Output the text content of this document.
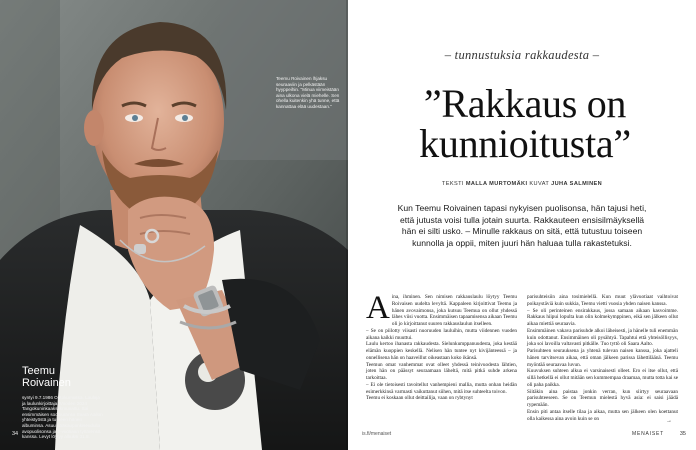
Teemu Roivainen lhjaksu seuraaviin ja pelkästään hyyppeihin. "Minua viimeistään aina ulkona vielä miehelle. Sen ohella kuitenkin yhä tunne, että kannattaa elää uudestaan."
Teemu
Roivainen
syntyi 9.7.1986 Outokumussa. Laulaja ja laulunkirjoittaja. Vuoden 2024 Tangokuninkaaksi kruunattu. Sai ensimmäisen soolouransa Saara Aallon yhteistyöstä ja tuoreen hänen albuminsa. Asuu pääkaupunkiseudulla avopuolisonsa ja 2-vuotiaan tyttärensä kanssa. Levyt löytyy alkuksi 31.8.
34
– tunnustuksia rakkaudesta –
”Rakkaus on
kunnioitusta”
TEKSTI MALLA MURTOMÄKI KUVAT JUHA SALMINEN
Kun Teemu Roivainen tapasi nykyisen puolisonsa, hän tajusi heti, että jutusta voisi tulla jotain suurta. Rakkauteen ensisilmäyksellä hän ei silti usko. – Minulle rakkaus on sitä, että tutustuu toiseen kunnolla ja oppii, miten juuri hän haluaa tulla rakastetuksi.

Aina, ihminen. Sen nimisen rakkauslaulu löytyy Teemu Roivaisen uudelta levyltä. Kappaleen kirjoittivat Teemu ja hänen avovaimonsa, joka kutsuu Teemua on ollut yhdessä lähes viisi vuotta. Ensimmäisen tapaamisensa aikaan Teemu oli jo kirjoittanut suuren rakkauslaulun itselleen.

– Se on piilotty viisasti nuoruuden lauluihin, mutta viidennen vuoden aikana kaikki muuttui.

Laulu kertoo ihanasta rakkaudesta. Sielunkumppanuudesta, joka kestää elämän kuoppien keskellä. Nelisen hän tuntee nyt kivijänteessä – ja onnellisena hän on haaveillut oikeastaan koko ikänsä.

Teemun omat vanhemmat ovat olleet yhdessä teinivuodesta lähtien, joten hän on päässyt seuraamaan läheltä, mitä pitkä suhde arkena tarkoittaa.

– Ei ole tietoisesti tavoitellut vanhempieni mallia, mutta onhan heidän esimerkkinsä varmasti vaikuttanut siihen, mitä itse suhteelta toivon.

Teemu ei koskaan ollut deittailija, vaan on rybtynyt

parisuhteisiin aina tosimielellä. Kun muut ylävuotiaat vaihtoivat poikaystäviä kuin sukkia, Teemu vietti vuosia yhden naisen kanssa.

– Se oli perinteinen ensirakkaus, jossa samaan aikaan kasvoimme. Rakkaus hiipui lopulta kun olin kolmekymppinen, eikä sen jälkeen ollut aikaa miettiä seuraavia.

Ensimmäinen vakava parisuhde alkoi läheisesti, ja hänelle tuli enemmän kuin odottanut. Ensimmäinen oli pysähtyä. Tapahtui että yhteisöllisyys, joka soi lavoilla valtavasti pitkälle. Tuo tyttö oli Saara Aalto.

Parisuhteen seurauksena ja yhtenä tulevan naisen kanssa, joka ajatteli hänen tarvitsevan aikaa, että oman jälkeen parissa lähettiläänä. Teemu myöntää seuraavaa luvun.

Kuuvuksen suhteen alkua ei varsinaisesti olleet. Ero ei itse ollut, että sillä hetkellä ei ollut mitään sen kummempaa draamaa, mutta totta kai se oli paha paikka.

Siitäkin aina paistaa jonkin verran, kun siirtyy seuraavaan parisuhteeseen. Se on Teemun mielestä hyvä asia: ei saisi jäädä rypemään.

Ensin piti antaa itselle tilaa ja aikaa, mutta sen jälkeen olen koettanut olla kaikessa aina avoin kuin se on	→
is.fi/menaiset	MENAISET	35
